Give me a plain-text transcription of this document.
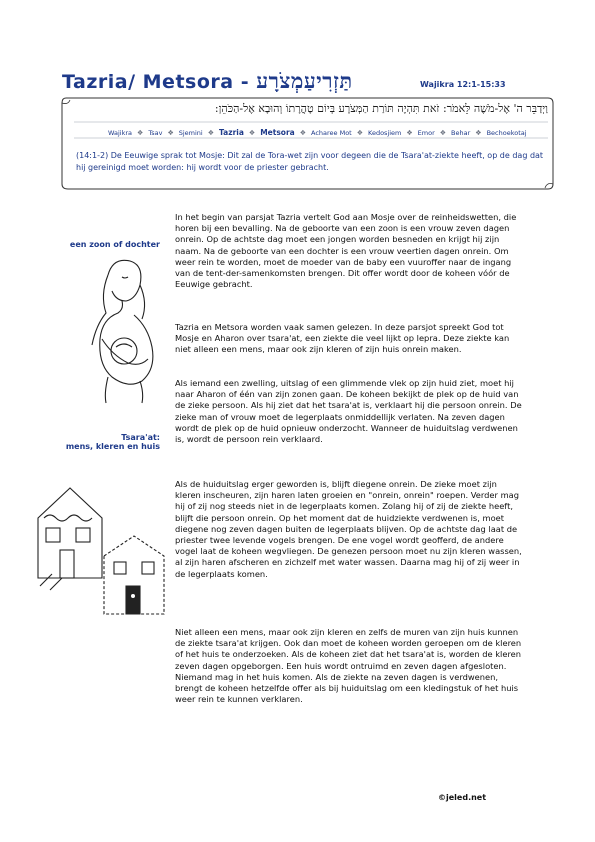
Tazria/ Metsora - תַּזְרִיעַמְצֹרָע	Wajikra 12:1-15:33
וַיְדַבֵּר ה' אֶל-מֹשֶׁה לֵּאמֹר: זֹאת תִּהְיֶה תּוֹרַת הַמְּצֹרָע בְּיוֹם טָהֳרָתוֹ וְהוּבָא אֶל-הַכֹּהֵן:
Wajikra ❖ Tsav ❖ Sjemini ❖ Tazria ❖ Metsora ❖ Acharee Mot ❖ Kedosjiem ❖ Emor ❖ Behar ❖ Bechoekotaj
(14:1-2) De Eeuwige sprak tot Mosje: Dit zal de Tora-wet zijn voor degeen die de Tsara'at-ziekte heeft, op de dag dat hij gereinigd moet worden: hij wordt voor de priester gebracht.
een zoon of dochter
Tsara'at:
mens, kleren en huis

In het begin van parsjat Tazria vertelt God aan Mosje over de reinheidswetten, die horen bij een bevalling. Na de geboorte van een zoon is een vrouw zeven dagen onrein. Op de achtste dag moet een jongen worden besneden en krijgt hij zijn naam. Na de geboorte van een dochter is een vrouw veertien dagen onrein. Om weer rein te worden, moet de moeder van de baby een vuuroffer naar de ingang van de tent-der-samenkomsten brengen. Dit offer wordt door de koheen vóór de Eeuwige gebracht.

Tazria en Metsora worden vaak samen gelezen. In deze parsjot spreekt God tot Mosje en Aharon over tsara'at, een ziekte die veel lijkt op lepra. Deze ziekte kan niet alleen een mens, maar ook zijn kleren of zijn huis onrein maken.

Als iemand een zwelling, uitslag of een glimmende vlek op zijn huid ziet, moet hij naar Aharon of één van zijn zonen gaan. De koheen bekijkt de plek op de huid van de zieke persoon. Als hij ziet dat het tsara'at is, verklaart hij die persoon onrein. De zieke man of vrouw moet de legerplaats onmiddellijk verlaten. Na zeven dagen wordt de plek op de huid opnieuw onderzocht. Wanneer de huiduitslag verdwenen is, wordt de persoon rein verklaard.

Als de huiduitslag erger geworden is, blijft diegene onrein. De zieke moet zijn kleren inscheuren, zijn haren laten groeien en "onrein, onrein" roepen. Verder mag hij of zij nog steeds niet in de legerplaats komen. Zolang hij of zij de ziekte heeft, blijft die persoon onrein. Op het moment dat de huidziekte verdwenen is, moet diegene nog zeven dagen buiten de legerplaats blijven. Op de achtste dag laat de priester twee levende vogels brengen. De ene vogel wordt geofferd, de andere vogel laat de koheen wegvliegen. De genezen persoon moet nu zijn kleren wassen, al zijn haren afscheren en zichzelf met water wassen. Daarna mag hij of zij weer in de legerplaats komen.

Niet alleen een mens, maar ook zijn kleren en zelfs de muren van zijn huis kunnen de ziekte tsara'at krijgen. Ook dan moet de koheen worden geroepen om de kleren of het huis te onderzoeken. Als de koheen ziet dat het tsara'at is, worden de kleren zeven dagen opgeborgen. Een huis wordt ontruimd en zeven dagen afgesloten. Niemand mag in het huis komen. Als de ziekte na zeven dagen is verdwenen, brengt de koheen hetzelfde offer als bij huiduitslag om een kledingstuk of het huis weer rein te kunnen verklaren.

©jeled.net
